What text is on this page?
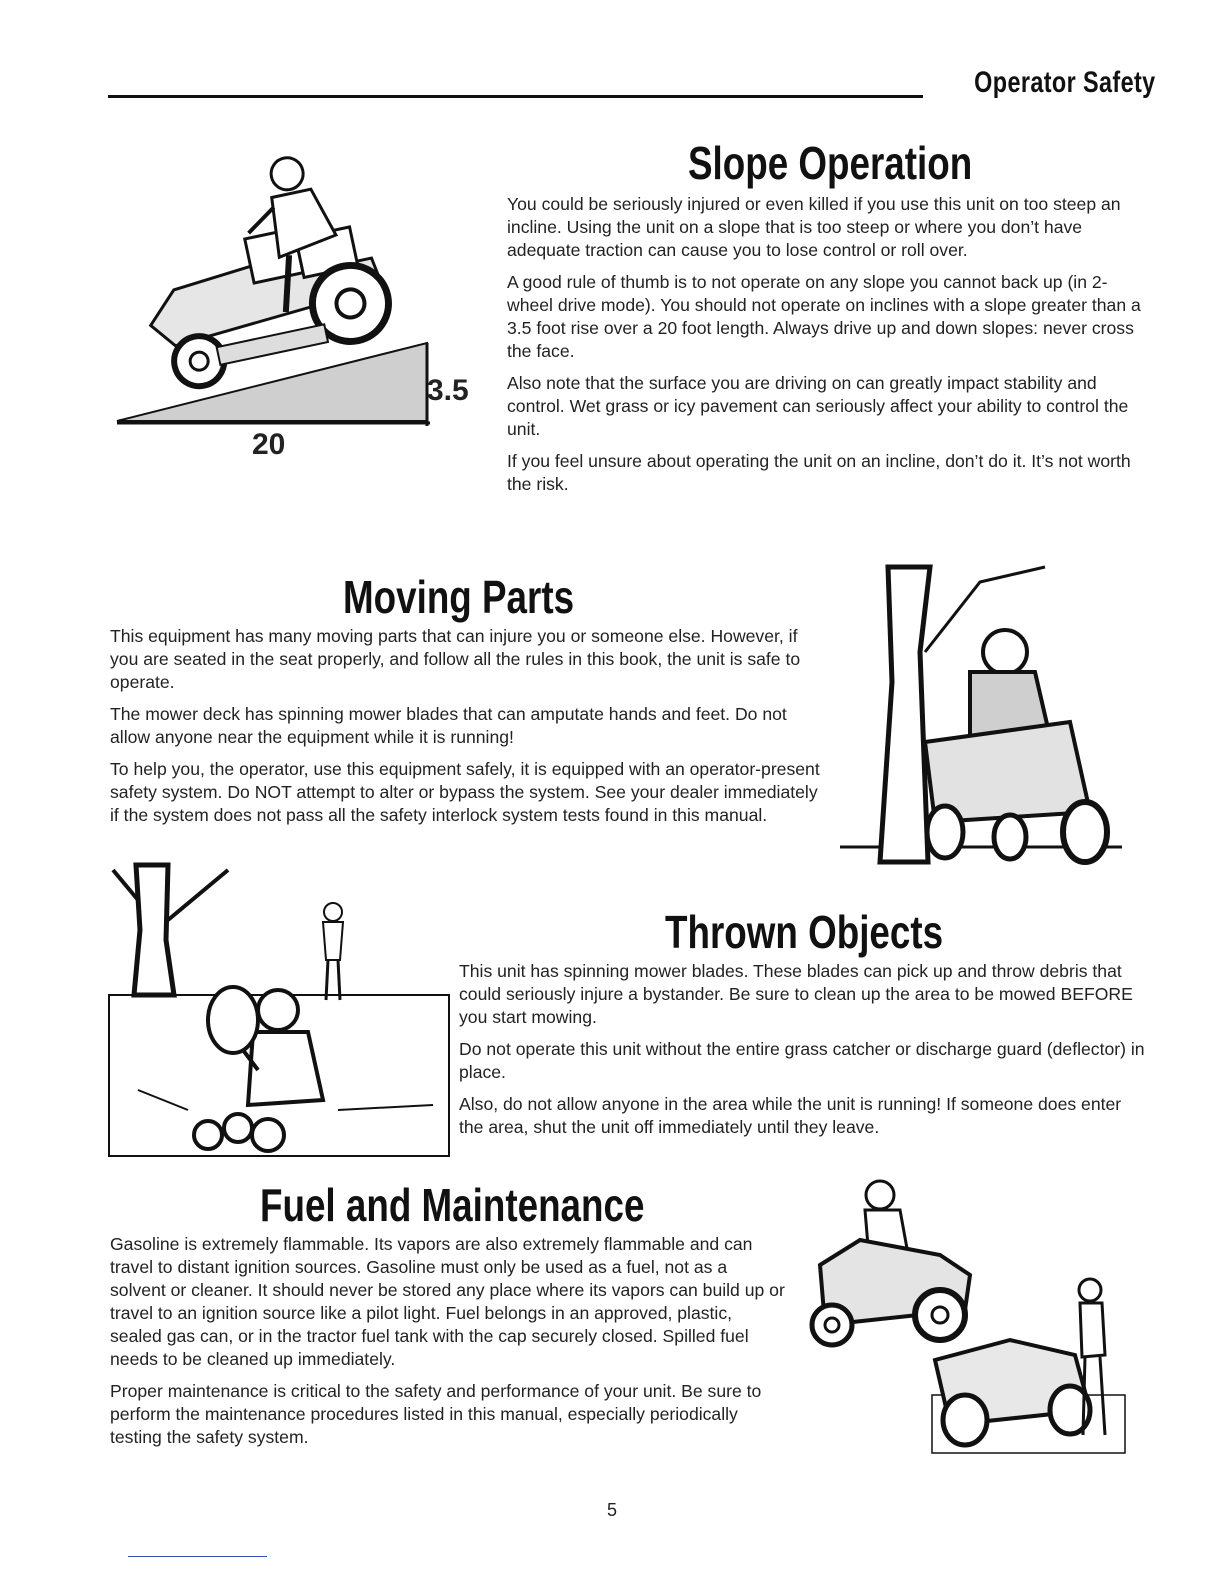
Operator Safety
3.5
20
Slope Operation

You could be seriously injured or even killed if you use this unit on too steep an incline. Using the unit on a slope that is too steep or where you don’t have adequate traction can cause you to lose control or roll over.

A good rule of thumb is to not operate on any slope you cannot back up (in 2-wheel drive mode). You should not operate on inclines with a slope greater than a 3.5 foot rise over a 20 foot length. Always drive up and down slopes: never cross the face.

Also note that the surface you are driving on can greatly impact stability and control. Wet grass or icy pavement can seriously affect your ability to control the unit.

If you feel unsure about operating the unit on an incline, don’t do it. It’s not worth the risk.

Moving Parts

This equipment has many moving parts that can injure you or someone else. However, if you are seated in the seat properly, and follow all the rules in this book, the unit is safe to operate.

The mower deck has spinning mower blades that can amputate hands and feet. Do not allow anyone near the equipment while it is running!

To help you, the operator, use this equipment safely, it is equipped with an operator-present safety system. Do NOT attempt to alter or bypass the system. See your dealer immediately if the system does not pass all the safety interlock system tests found in this manual.

Thrown Objects

This unit has spinning mower blades. These blades can pick up and throw debris that could seriously injure a bystander. Be sure to clean up the area to be mowed BEFORE you start mowing.

Do not operate this unit without the entire grass catcher or discharge guard (deflector) in place.

Also, do not allow anyone in the area while the unit is running! If someone does enter the area, shut the unit off immediately until they leave.

Fuel and Maintenance

Gasoline is extremely flammable. Its vapors are also extremely flammable and can travel to distant ignition sources. Gasoline must only be used as a fuel, not as a solvent or cleaner. It should never be stored any place where its vapors can build up or travel to an ignition source like a pilot light. Fuel belongs in an approved, plastic, sealed gas can, or in the tractor fuel tank with the cap securely closed. Spilled fuel needs to be cleaned up immediately.

Proper maintenance is critical to the safety and performance of your unit. Be sure to perform the maintenance procedures listed in this manual, especially periodically testing the safety system.

5
